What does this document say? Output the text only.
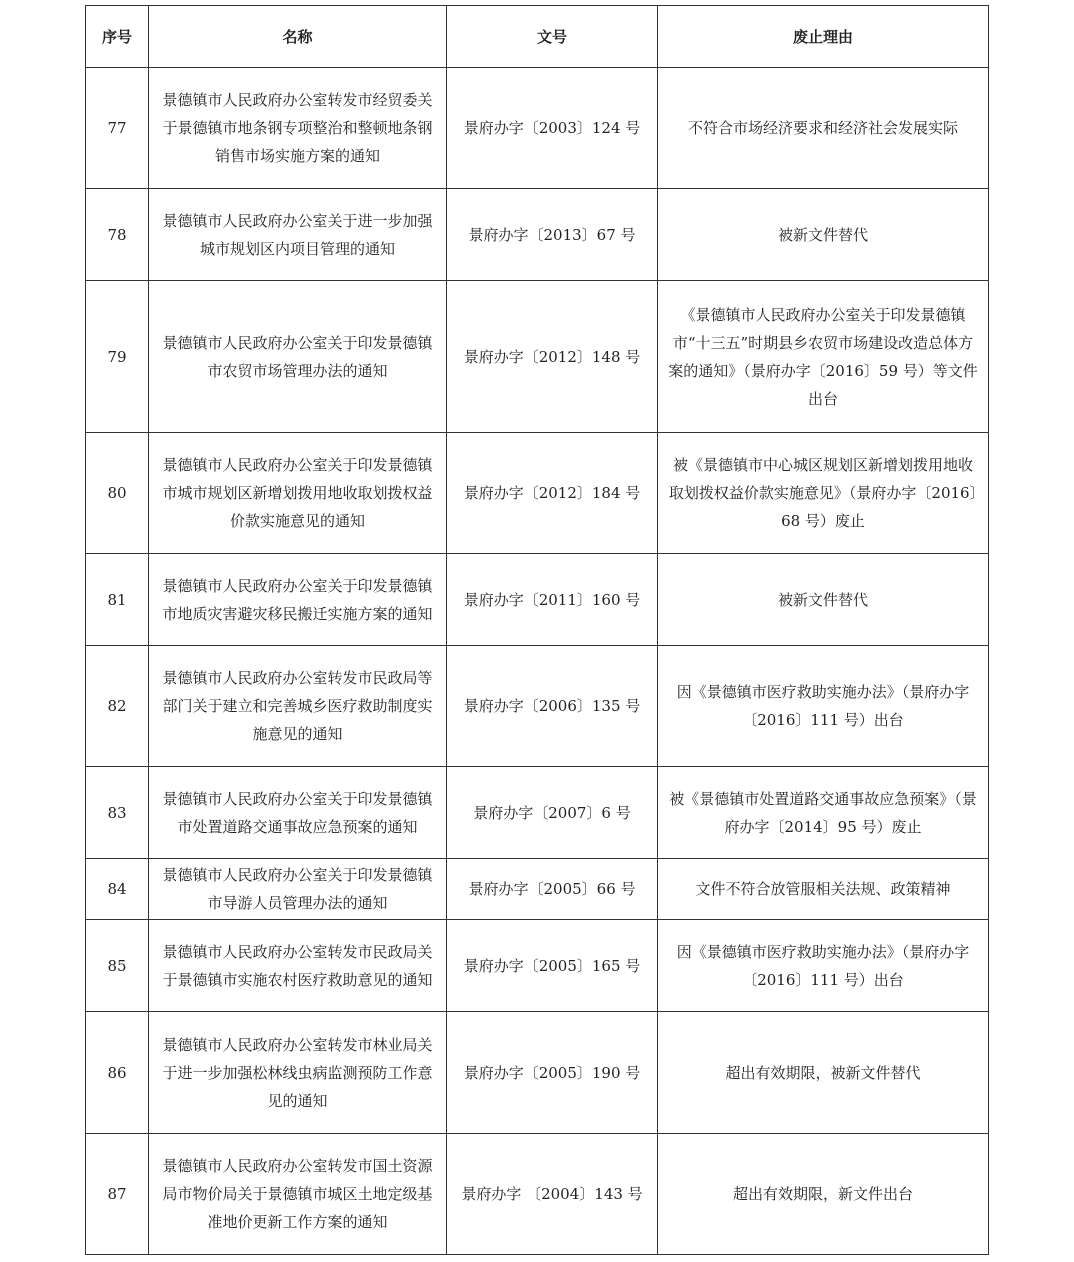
序号	名称	文号	废止理由
77	景德镇市人民政府办公室转发市经贸委关于景德镇市地条钢专项整治和整顿地条钢销售市场实施方案的通知	景府办字〔2003〕124 号	不符合市场经济要求和经济社会发展实际
78	景德镇市人民政府办公室关于进一步加强城市规划区内项目管理的通知	景府办字〔2013〕67 号	被新文件替代
79	景德镇市人民政府办公室关于印发景德镇市农贸市场管理办法的通知	景府办字〔2012〕148 号	《景德镇市人民政府办公室关于印发景德镇市“十三五”时期县乡农贸市场建设改造总体方案的通知》（景府办字〔2016〕59 号）等文件出台
80	景德镇市人民政府办公室关于印发景德镇市城市规划区新增划拨用地收取划拨权益价款实施意见的通知	景府办字〔2012〕184 号	被《景德镇市中心城区规划区新增划拨用地收取划拨权益价款实施意见》（景府办字〔2016〕68 号）废止
81	景德镇市人民政府办公室关于印发景德镇市地质灾害避灾移民搬迁实施方案的通知	景府办字〔2011〕160 号	被新文件替代
82	景德镇市人民政府办公室转发市民政局等部门关于建立和完善城乡医疗救助制度实施意见的通知	景府办字〔2006〕135 号	因《景德镇市医疗救助实施办法》（景府办字〔2016〕111 号）出台
83	景德镇市人民政府办公室关于印发景德镇市处置道路交通事故应急预案的通知	景府办字〔2007〕6 号	被《景德镇市处置道路交通事故应急预案》（景府办字〔2014〕95 号）废止
84	景德镇市人民政府办公室关于印发景德镇市导游人员管理办法的通知	景府办字〔2005〕66 号	文件不符合放管服相关法规、政策精神
85	景德镇市人民政府办公室转发市民政局关于景德镇市实施农村医疗救助意见的通知	景府办字〔2005〕165 号	因《景德镇市医疗救助实施办法》（景府办字〔2016〕111 号）出台
86	景德镇市人民政府办公室转发市林业局关于进一步加强松林线虫病监测预防工作意见的通知	景府办字〔2005〕190 号	超出有效期限，被新文件替代
87	景德镇市人民政府办公室转发市国土资源局市物价局关于景德镇市城区土地定级基准地价更新工作方案的通知	景府办字 〔2004〕143 号	超出有效期限，新文件出台
